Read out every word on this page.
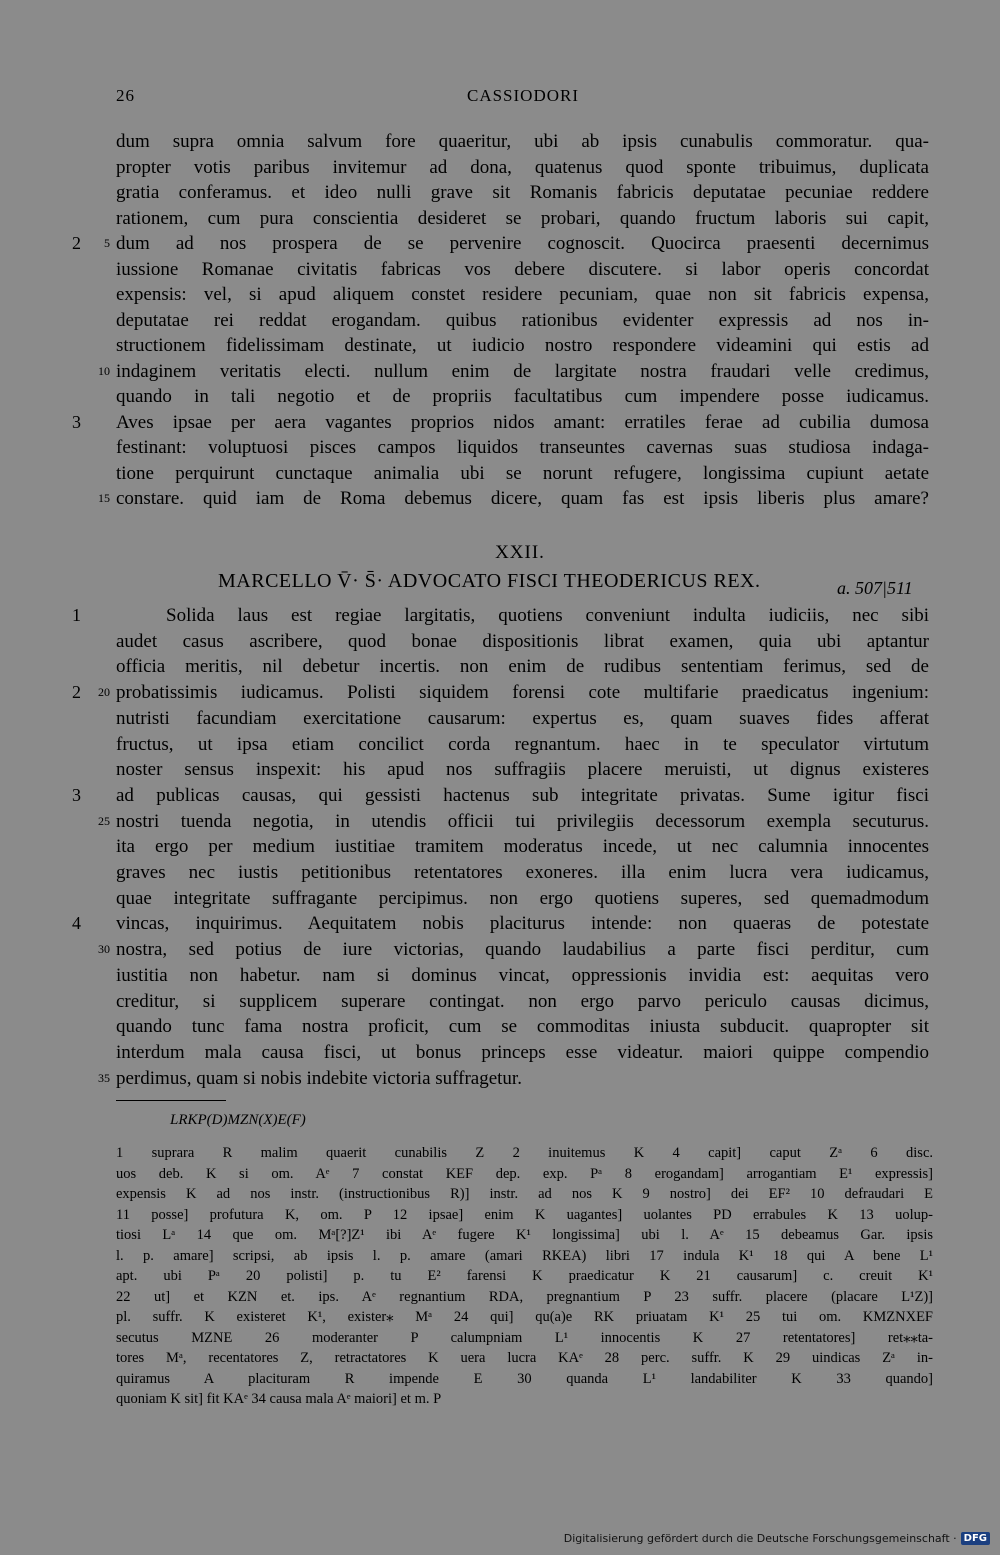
26	CASSIODORI
dum supra omnia salvum fore quaeritur, ubi ab ipsis cunabulis commoratur. qua-
propter votis paribus invitemur ad dona, quatenus quod sponte tribuimus, duplicata
gratia conferamus. et ideo nulli grave sit Romanis fabricis deputatae pecuniae reddere
rationem, cum pura conscientia desideret se probari, quando fructum laboris sui capit,
dum ad nos prospera de se pervenire cognoscit. Quocirca praesenti decernimus
2	5
iussione Romanae civitatis fabricas vos debere discutere. si labor operis concordat
expensis: vel, si apud aliquem constet residere pecuniam, quae non sit fabricis expensa,
deputatae rei reddat erogandam. quibus rationibus evidenter expressis ad nos in-
structionem fidelissimam destinate, ut iudicio nostro respondere videamini qui estis ad
indaginem veritatis electi. nullum enim de largitate nostra fraudari velle credimus,
10
quando in tali negotio et de propriis facultatibus cum impendere posse iudicamus.
Aves ipsae per aera vagantes proprios nidos amant: erratiles ferae ad cubilia dumosa
3
festinant: voluptuosi pisces campos liquidos transeuntes cavernas suas studiosa indaga-
tione perquirunt cunctaque animalia ubi se norunt refugere, longissima cupiunt aetate
constare. quid iam de Roma debemus dicere, quam fas est ipsis liberis plus amare?
15
XXII.
MARCELLO V̄· S̄· ADVOCATO FISCI THEODERICUS REX.	a. 507|511
Solida laus est regiae largitatis, quotiens conveniunt indulta iudiciis, nec sibi
1
audet casus ascribere, quod bonae dispositionis librat examen, quia ubi aptantur
officia meritis, nil debetur incertis. non enim de rudibus sententiam ferimus, sed de
probatissimis iudicamus. Polisti siquidem forensi cote multifarie praedicatus ingenium:
2	20
nutristi facundiam exercitatione causarum: expertus es, quam suaves fides afferat
fructus, ut ipsa etiam concilict corda regnantum. haec in te speculator virtutum
noster sensus inspexit: his apud nos suffragiis placere meruisti, ut dignus existeres
ad publicas causas, qui gessisti hactenus sub integritate privatas. Sume igitur fisci
3
nostri tuenda negotia, in utendis officii tui privilegiis decessorum exempla secuturus.
25
ita ergo per medium iustitiae tramitem moderatus incede, ut nec calumnia innocentes
graves nec iustis petitionibus retentatores exoneres. illa enim lucra vera iudicamus,
quae integritate suffragante percipimus. non ergo quotiens superes, sed quemadmodum
vincas, inquirimus. Aequitatem nobis placiturus intende: non quaeras de potestate
4
nostra, sed potius de iure victorias, quando laudabilius a parte fisci perditur, cum
30
iustitia non habetur. nam si dominus vincat, oppressionis invidia est: aequitas vero
creditur, si supplicem superare contingat. non ergo parvo periculo causas dicimus,
quando tunc fama nostra proficit, cum se commoditas iniusta subducit. quapropter sit
interdum mala causa fisci, ut bonus princeps esse videatur. maiori quippe compendio
perdimus, quam si nobis indebite victoria suffragetur.
35
LRKP(D)MZN(X)E(F)
1 suprara R malim quaerit cunabilis Z 2 inuitemus K 4 capit] caput Zᵃ 6 disc.
uos deb. K si om. Aᵉ 7 constat KEF dep. exp. Pᵃ 8 erogandam] arrogantiam E¹ expressis]
expensis K ad nos instr. (instructionibus R)] instr. ad nos K 9 nostro] dei EF² 10 defraudari E
11 posse] profutura K, om. P 12 ipsae] enim K uagantes] uolantes PD errabules K 13 uolup-
tiosi Lᵃ 14 que om. Mᵃ[?]Z¹ ibi Aᵉ fugere K¹ longissima] ubi l. Aᵉ 15 debeamus Gar. ipsis
l. p. amare] scripsi, ab ipsis l. p. amare (amari RKEA) libri 17 indula K¹ 18 qui A bene L¹
apt. ubi Pᵃ 20 polisti] p. tu E² farensi K praedicatur K 21 causarum] c. creuit K¹
22 ut] et KZN et. ips. Aᵉ regnantium RDA, pregnantium P 23 suffr. placere (placare L¹Z)]
pl. suffr. K existeret K¹, exister⁎ Mᵃ 24 qui] qu(a)e RK priuatam K¹ 25 tui om. KMZNXEF
secutus MZNE 26 moderanter P calumpniam L¹ innocentis K 27 retentatores] ret⁎⁎ta-
tores Mᵃ, recentatores Z, retractatores K uera lucra KAᵉ 28 perc. suffr. K 29 uindicas Zᵃ in-
quiramus A placituram R impende E 30 quanda L¹ landabiliter K 33 quando]
quoniam K sit] fit KAᵉ 34 causa mala Aᵉ maiori] et m. P
Digitalisierung gefördert durch die Deutsche Forschungsgemeinschaft · DFG
